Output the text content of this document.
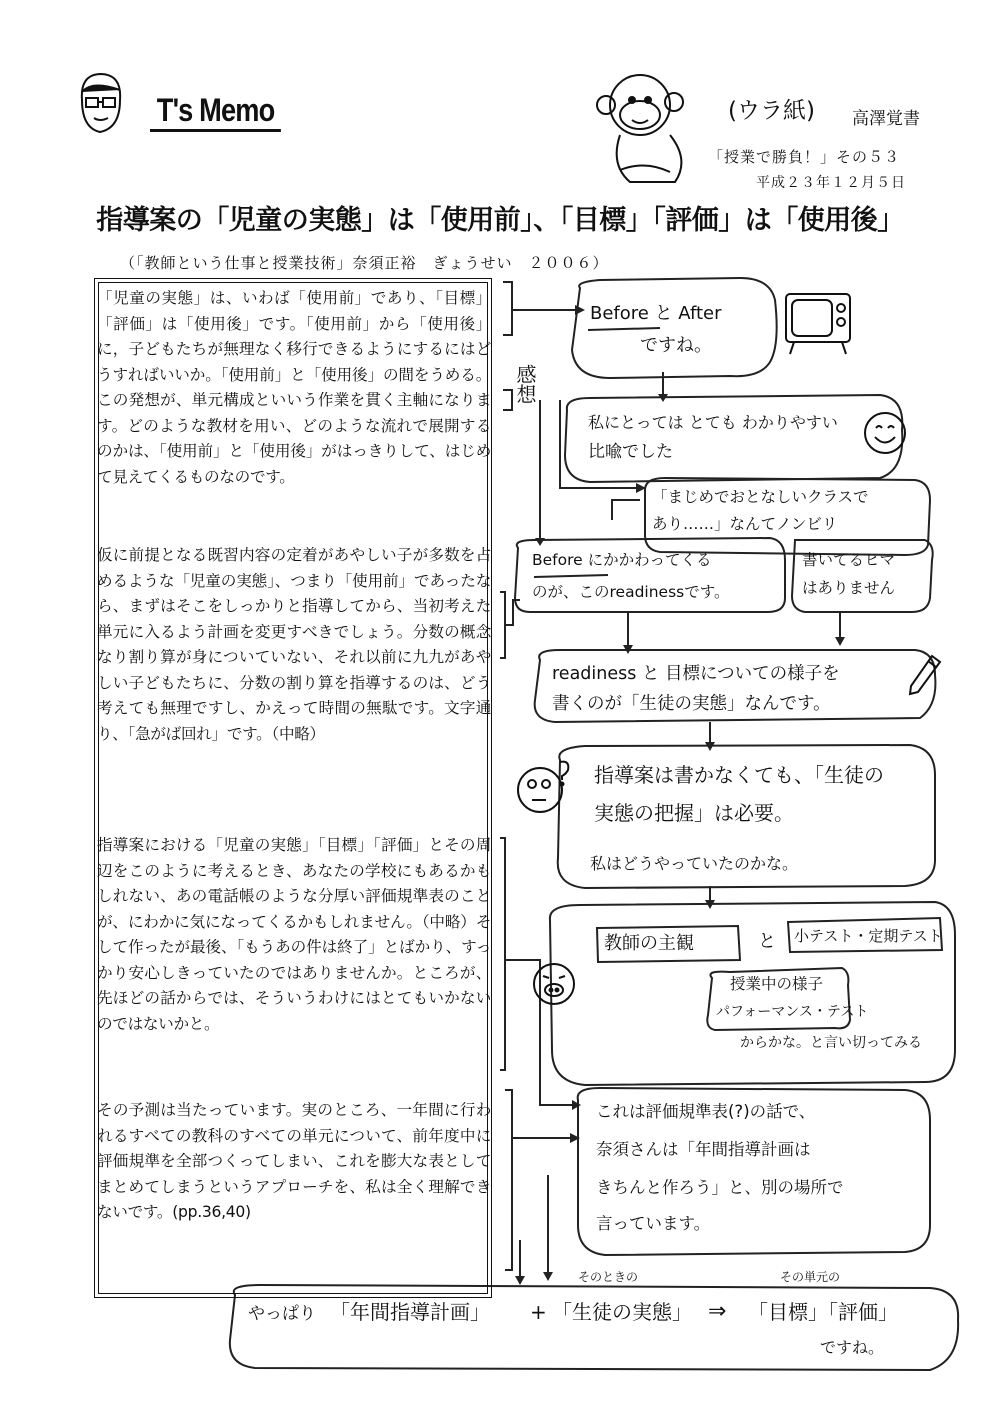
T's Memo	(ウラ紙) 高澤覚書
「授業で勝負！」その５３
平成２３年１２月５日
指導案の「児童の実態」は「使用前」、「目標」「評価」は「使用後」
（「教師という仕事と授業技術」奈須正裕　ぎょうせい　２００６）
「児童の実態」は、いわば「使用前」であり、「目標」「評価」は「使用後」です。「使用前」から「使用後」に，子どもたちが無理なく移行できるようにするにはどうすればいいか。「使用前」と「使用後」の間をうめる。この発想が、単元構成といいう作業を貫く主軸になります。どのような教材を用い、どのような流れで展開するのかは、「使用前」と「使用後」がはっきりして、はじめて見えてくるものなのです。
仮に前提となる既習内容の定着があやしい子が多数を占めるような「児童の実態」、つまり「使用前」であったなら、まずはそこをしっかりと指導してから、当初考えた単元に入るよう計画を変更すべきでしょう。分数の概念なり割り算が身についていない、それ以前に九九があやしい子どもたちに、分数の割り算を指導するのは、どう考えても無理ですし、かえって時間の無駄です。文字通り、「急がば回れ」です。（中略）
指導案における「児童の実態」「目標」「評価」とその周辺をこのように考えるとき、あなたの学校にもあるかもしれない、あの電話帳のような分厚い評価規準表のことが、にわかに気になってくるかもしれません。（中略）そして作ったが最後、「もうあの件は終了」とばかり、すっかり安心しきっていたのではありませんか。ところが、先ほどの話からでは、そういうわけにはとてもいかないのではないかと。
その予測は当たっています。実のところ、一年間に行われるすべての教科のすべての単元について、前年度中に評価規準を全部つくってしまい、これを膨大な表としてまとめてしまうというアプローチを、私は全く理解できないです。(pp.36,40)
感想
Before と After
ですね。
私にとっては とても わかりやすい
比喩でした
「まじめでおとなしいクラスで
あり……」なんてノンビリ
書いてるヒマ
はありません
Before にかかわってくる
のが、このreadinessです。
readiness と 目標についての様子を
書くのが「生徒の実態」なんです。
指導案は書かなくても、「生徒の
実態の把握」は必要。
私はどうやっていたのかな。
教師の主観	と 小テスト・定期テスト
授業中の様子
パフォーマンス・テスト
からかな。と言い切ってみる
これは評価規準表(?)の話で、
奈須さんは「年間指導計画は
きちんと作ろう」と、別の場所で
言っています。
やっぱり 「年間指導計画」 +
そのときの
「生徒の実態」 ⇒
その単元の
「目標」「評価」
ですね。
